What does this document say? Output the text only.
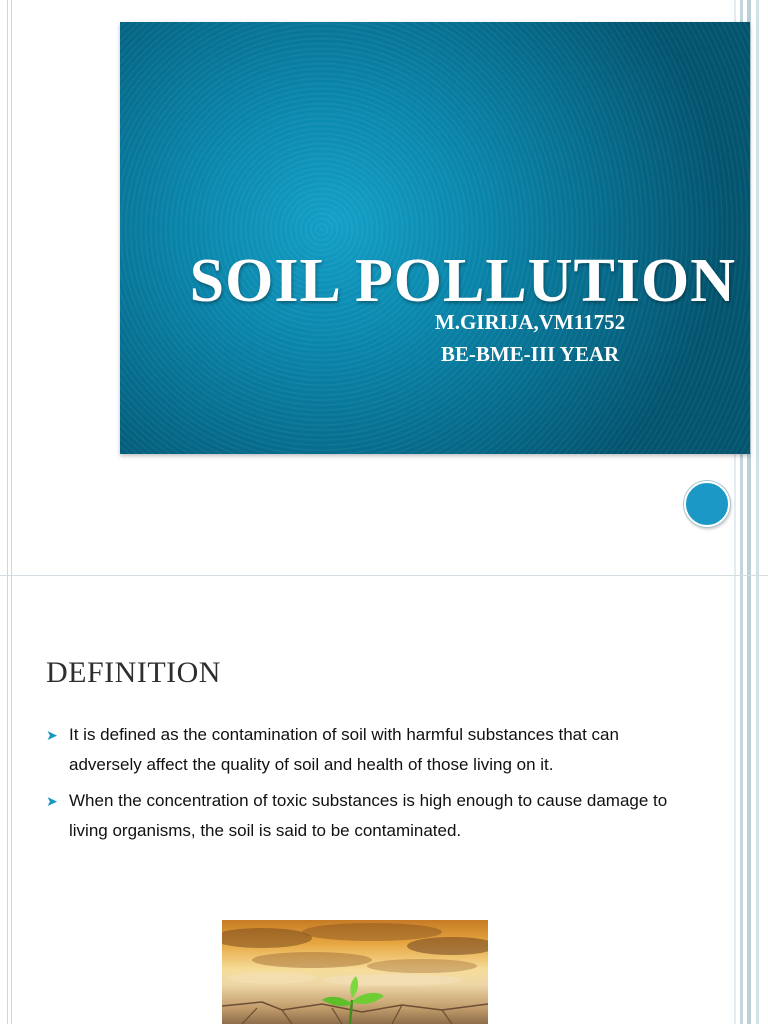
SOIL POLLUTION
M.GIRIJA,VM11752
BE-BME-III YEAR
DEFINITION
➤ It is defined as the contamination of soil with harmful substances that can adversely affect the quality of soil and health of those living on it.
➤ When the concentration of toxic substances is high enough to cause damage to living organisms, the soil is said to be contaminated.
